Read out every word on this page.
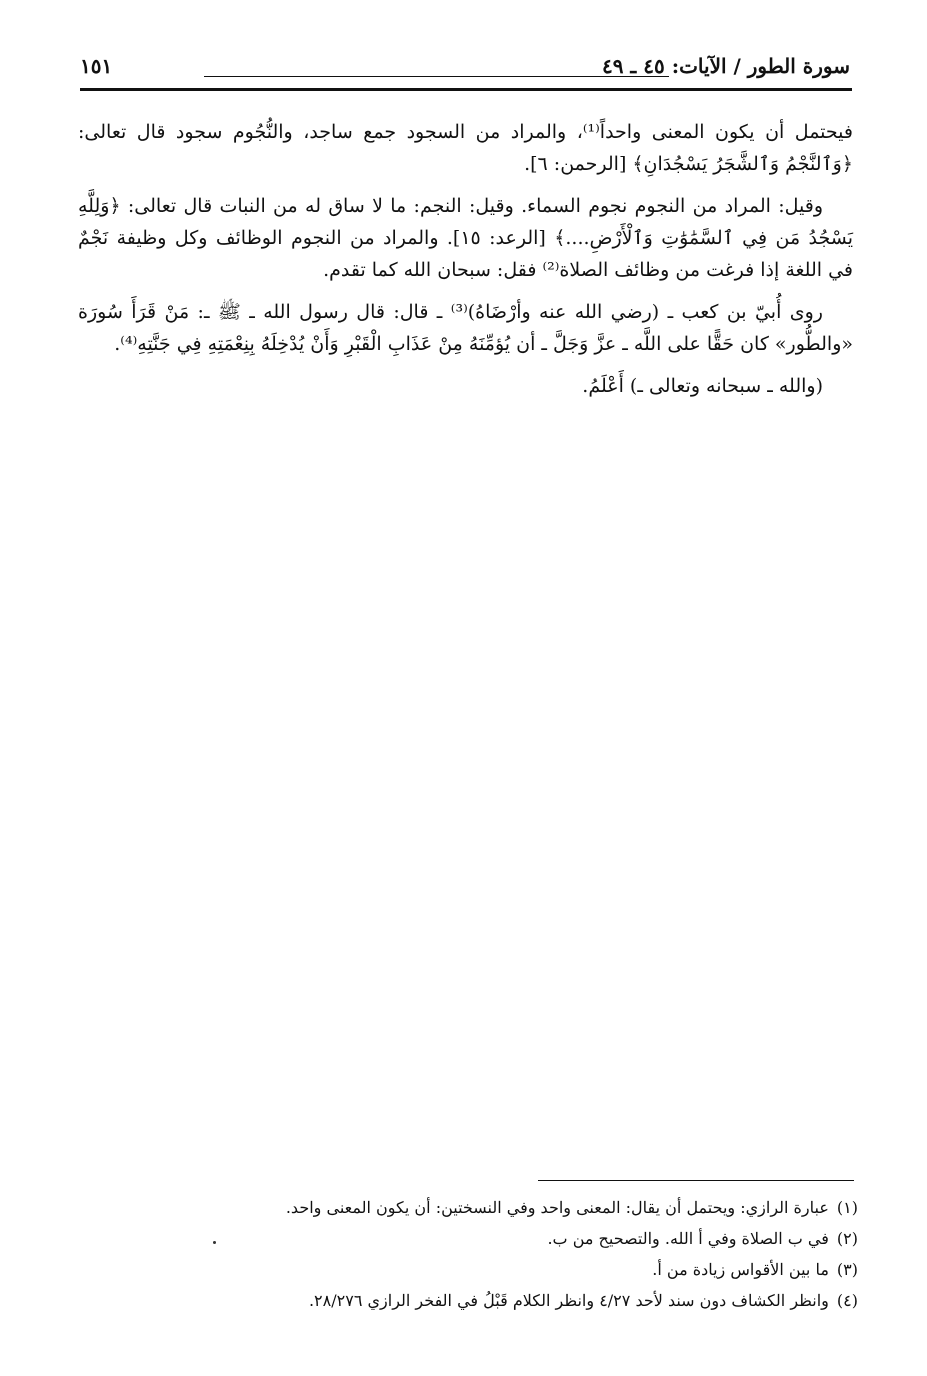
سورة الطور / الآيات: ٤٥ ـ ٤٩
١٥١

فيحتمل أن يكون المعنى واحداً⁽¹⁾، والمراد من السجود جمع ساجد، والنُّجُوم سجود قال تعالى: ﴿وَٱلنَّجْمُ وَٱلشَّجَرُ يَسْجُدَانِ﴾ [الرحمن: ٦].

وقيل: المراد من النجوم نجوم السماء. وقيل: النجم: ما لا ساق له من النبات قال تعالى: ﴿وَلِلَّهِ يَسْجُدُ مَن فِي ٱلسَّمَٰوَٰتِ وَٱلْأَرْضِ....﴾ [الرعد: ١٥]. والمراد من النجوم الوظائف وكل وظيفة نَجْمٌ في اللغة إذا فرغت من وظائف الصلاة⁽²⁾ فقل: سبحان الله كما تقدم.

روى أُبيّ بن كعب ـ (رضي الله عنه وأرْضَاهُ)⁽³⁾ ـ قال: قال رسول الله ـ ﷺ ـ: مَنْ قَرَأَ سُورَة «والطُّور» كان حَقًّا على اللَّه ـ عزَّ وَجَلَّ ـ أن يُؤمِّنَهُ مِنْ عَذَابِ الْقَبْرِ وَأَنْ يُدْخِلَهُ بِنِعْمَتِهِ فِي جَنَّتِهِ⁽⁴⁾.

(والله ـ سبحانه وتعالى ـ) أَعْلَمُ.

(١)عبارة الرازي: ويحتمل أن يقال: المعنى واحد وفي النسختين: أن يكون المعنى واحد.
(٢)في ب الصلاة وفي أ الله. والتصحيح من ب.
(٣)ما بين الأقواس زيادة من أ.
(٤)وانظر الكشاف دون سند لأحد ٤/٢٧ وانظر الكلام قَبْلُ في الفخر الرازي ٢٨/٢٧٦.
